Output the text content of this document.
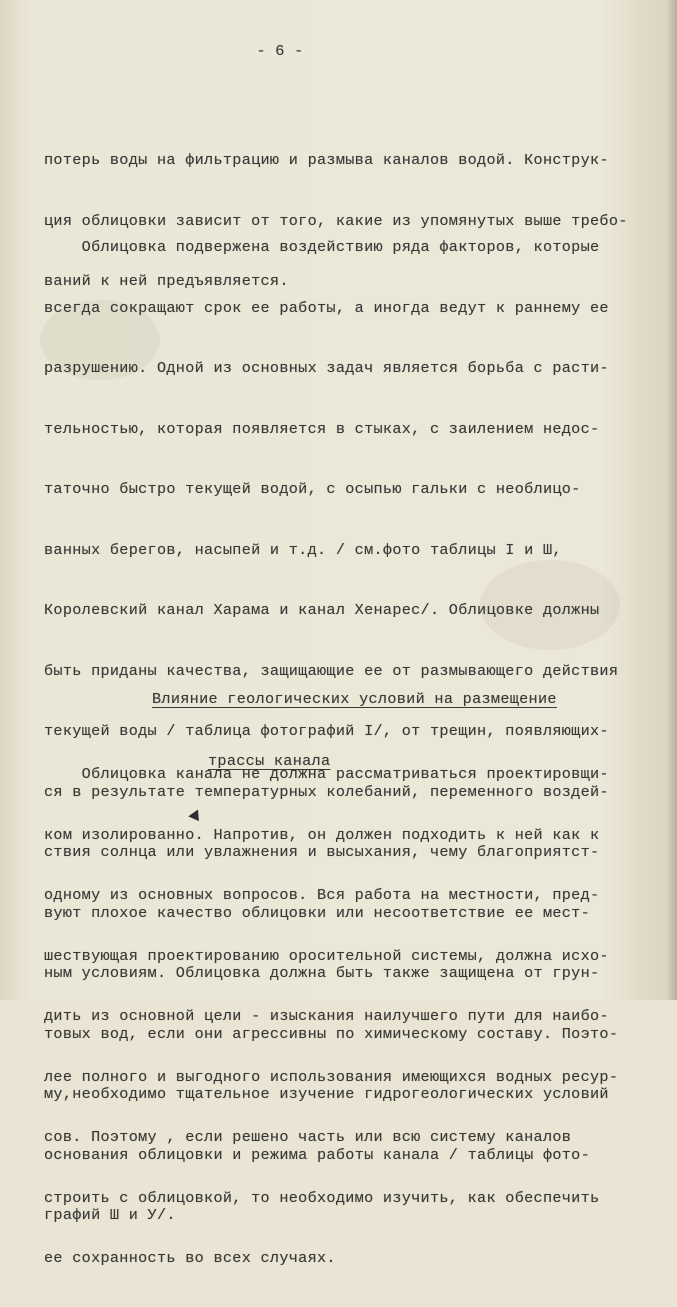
- 6 -

потерь воды на фильтрацию и размыва каналов водой. Конструк-

ция облицовки зависит от того, какие из упомянутых выше требо-

ваний к ней предъявляется.

Облицовка подвержена воздействию ряда факторов, которые

всегда сокращают срок ее работы, а иногда ведут к раннему ее

разрушению. Одной из основных задач является борьба с расти-

тельностью, которая появляется в стыках, с заилением недос-

таточно быстро текущей водой, с осыпью гальки с необлицо-

ванных берегов, насыпей и т.д. / см.фото таблицы I и Ш,

Королевский канал Харама и канал Хенарес/. Облицовке должны

быть приданы качества, защищающие ее от размывающего действия

текущей воды / таблица фотографий I/, от трещин, появляющих-

ся в результате температурных колебаний, переменного воздей-

ствия солнца или увлажнения и высыхания, чему благоприятст-

вуют плохое качество облицовки или несоответствие ее мест-

ным условиям. Облицовка должна быть также защищена от грун-

товых вод, если они агрессивны по химическому составу. Поэто-

му,необходимо тщательное изучение гидрогеологических условий

основания облицовки и режима работы канала / таблицы фото-

графий Ш и У/.

Влияние геологических условий на размещение

трассы канала

Облицовка канала не должна рассматриваться проектировщи-

ком изолированно. Напротив, он должен подходить к ней как к

одному из основных вопросов. Вся работа на местности, пред-

шествующая проектированию оросительной системы, должна исхо-

дить из основной цели - изыскания наилучшего пути для наибо-

лее полного и выгодного использования имеющихся водных ресур-

сов. Поэтому , если решено часть или всю систему каналов

строить с облицовкой, то необходимо изучить, как обеспечить

ее сохранность во всех случаях.
